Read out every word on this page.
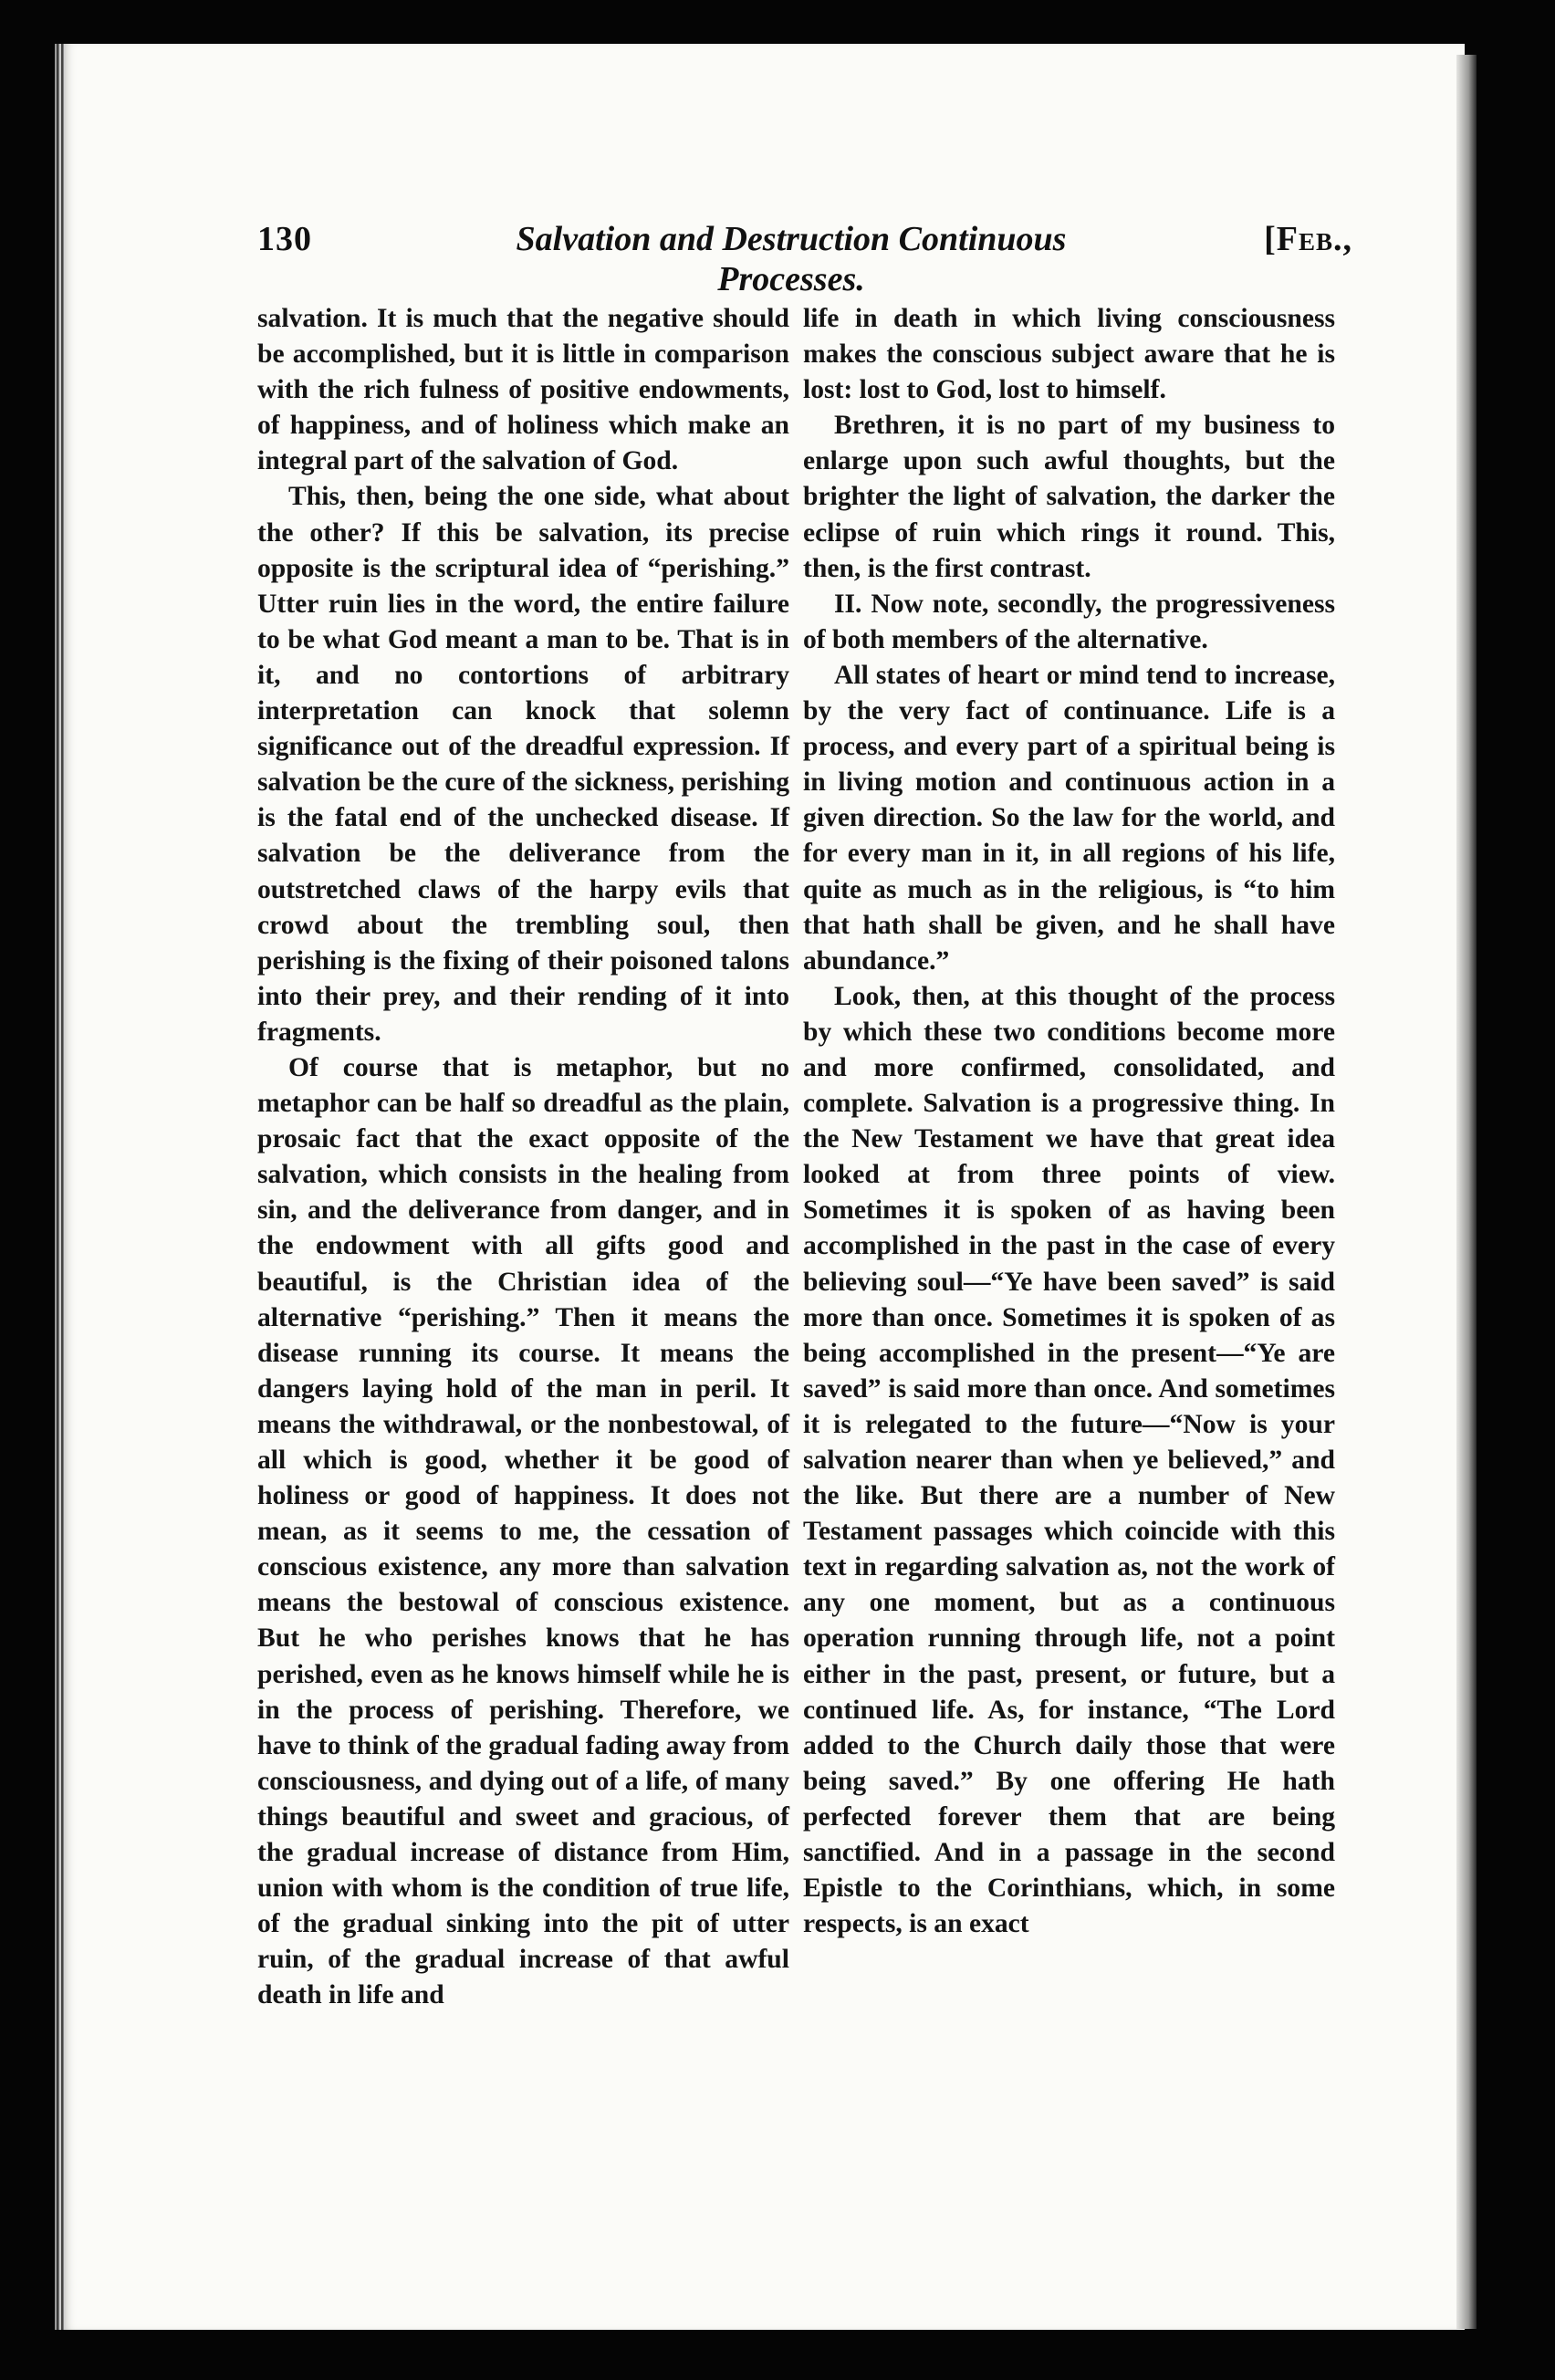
130	Salvation and Destruction Continuous Processes.
[Feb.,

salvation. It is much that the negative should be accomplished, but it is little in comparison with the rich fulness of positive endowments, of happiness, and of holiness which make an integral part of the salvation of God.

This, then, being the one side, what about the other? If this be salvation, its precise opposite is the scriptural idea of “perishing.” Utter ruin lies in the word, the entire failure to be what God meant a man to be. That is in it, and no contortions of arbitrary interpretation can knock that solemn significance out of the dreadful expression. If salvation be the cure of the sickness, perishing is the fatal end of the unchecked disease. If salvation be the deliverance from the outstretched claws of the harpy evils that crowd about the trembling soul, then perishing is the fixing of their poisoned talons into their prey, and their rending of it into fragments.

Of course that is metaphor, but no metaphor can be half so dreadful as the plain, prosaic fact that the exact opposite of the salvation, which consists in the healing from sin, and the deliverance from danger, and in the endowment with all gifts good and beautiful, is the Christian idea of the alternative “perishing.” Then it means the disease running its course. It means the dangers laying hold of the man in peril. It means the withdrawal, or the nonbestowal, of all which is good, whether it be good of holiness or good of happiness. It does not mean, as it seems to me, the cessation of conscious existence, any more than salvation means the bestowal of conscious existence. But he who perishes knows that he has perished, even as he knows himself while he is in the process of perishing. Therefore, we have to think of the gradual fading away from consciousness, and dying out of a life, of many things beautiful and sweet and gracious, of the gradual increase of distance from Him, union with whom is the condition of true life, of the gradual sinking into the pit of utter ruin, of the gradual increase of that awful death in life and

life in death in which living consciousness makes the conscious subject aware that he is lost: lost to God, lost to himself.

Brethren, it is no part of my business to enlarge upon such awful thoughts, but the brighter the light of salvation, the darker the eclipse of ruin which rings it round. This, then, is the first contrast.

II. Now note, secondly, the progressiveness of both members of the alternative.

All states of heart or mind tend to increase, by the very fact of continuance. Life is a process, and every part of a spiritual being is in living motion and continuous action in a given direction. So the law for the world, and for every man in it, in all regions of his life, quite as much as in the religious, is “to him that hath shall be given, and he shall have abundance.”

Look, then, at this thought of the process by which these two conditions become more and more confirmed, consolidated, and complete. Salvation is a progressive thing. In the New Testament we have that great idea looked at from three points of view. Sometimes it is spoken of as having been accomplished in the past in the case of every believing soul—“Ye have been saved” is said more than once. Sometimes it is spoken of as being accomplished in the present—“Ye are saved” is said more than once. And sometimes it is relegated to the future—“Now is your salvation nearer than when ye believed,” and the like. But there are a number of New Testament passages which coincide with this text in regarding salvation as, not the work of any one moment, but as a continuous operation running through life, not a point either in the past, present, or future, but a continued life. As, for instance, “The Lord added to the Church daily those that were being saved.” By one offering He hath perfected forever them that are being sanctified. And in a passage in the second Epistle to the Corinthians, which, in some respects, is an exact
